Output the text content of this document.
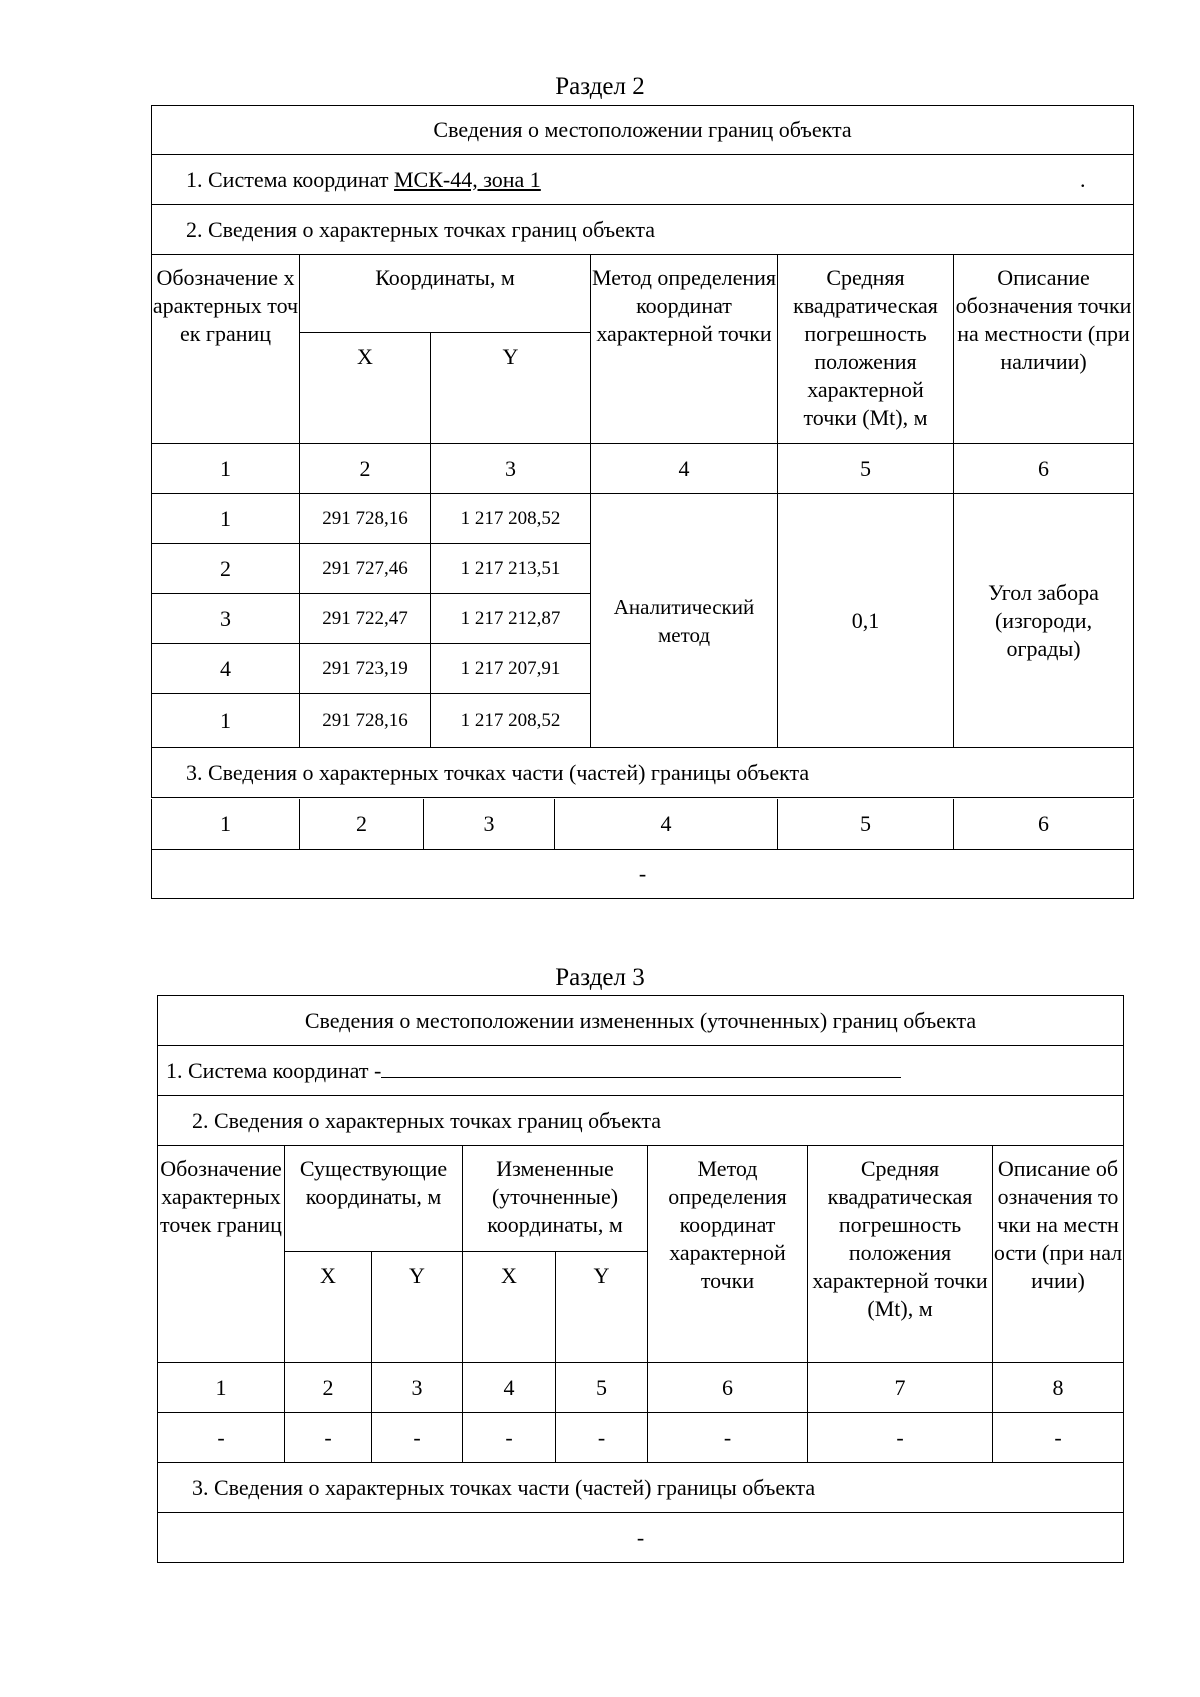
Раздел 2
Сведения о местоположении границ объекта					
1. Система координат МСК-44, зона 1 .					
2. Сведения о характерных точках границ объекта					
Обозначение характерных точек границ	Координаты, м		Метод определения координат характерной точки	Средняя квадратическая погрешность положения характерной точки (Mt), м	Описание обозначения точки на местности (при наличии)
	X	Y			
1	2	3	4	5	6
1	291 728,16	1 217 208,52	Аналитический метод	0,1	Угол забора (изгороди, ограды)
2	291 727,46	1 217 213,51			
3	291 722,47	1 217 212,87			
4	291 723,19	1 217 207,91			
1	291 728,16	1 217 208,52			
3. Сведения о характерных точках части (частей) границы объекта					
1	2	3	4	5	6
-
Раздел 3
Сведения о местоположении измененных (уточненных) границ объекта							
1. Система координат -							
2. Сведения о характерных точках границ объекта							
Обозначение характерных точек границ	Существующие координаты, м		Измененные (уточненные) координаты, м		Метод определения координат характерной точки	Средняя квадратическая погрешность положения характерной точки (Mt), м	Описание обозначения точки на местности (при наличии)
	X	Y	X	Y			
1	2	3	4	5	6	7	8
-	-	-	-	-	-	-	-
3. Сведения о характерных точках части (частей) границы объекта							
-							
